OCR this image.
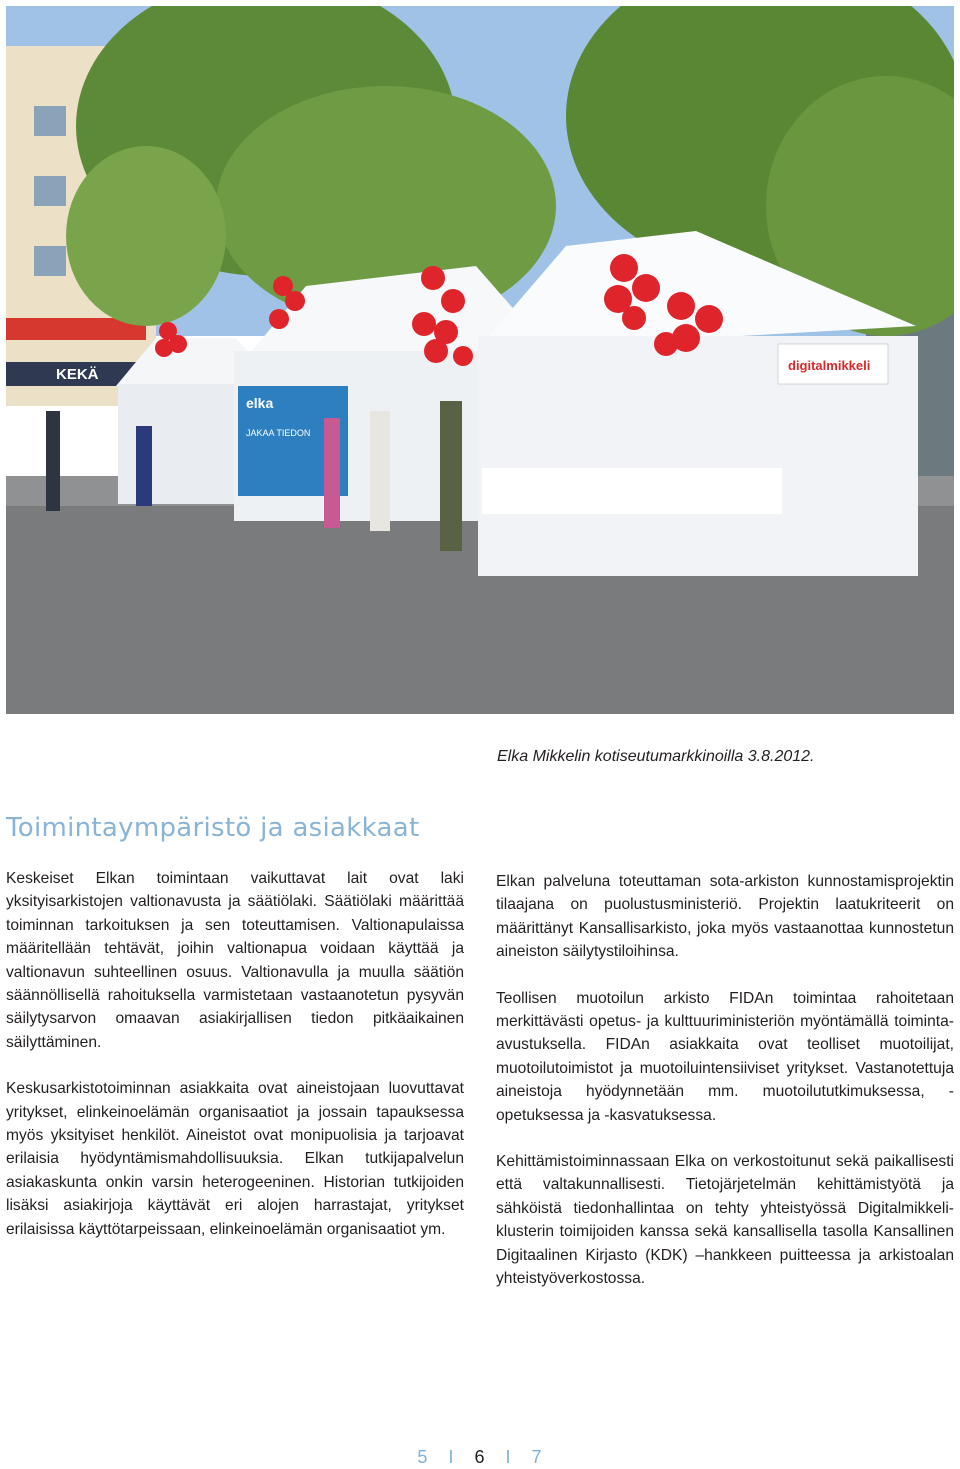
KEKÄ
elka
JAKAA TIEDON
digitalmikkeli
Elka Mikkelin kotiseutumarkkinoilla 3.8.2012.
Toimintaympäristö ja asiakkaat

Keskeiset Elkan toimintaan vaikuttavat lait ovat laki yksityisarkistojen valtionavusta ja säätiölaki. Säätiölaki määrittää toiminnan tarkoituksen ja sen toteuttamisen. Valtionapulaissa määritellään tehtävät, joihin valtionapua voidaan käyttää ja valtionavun suhteellinen osuus. Valtionavulla ja muulla säätiön säännöllisellä rahoituksella varmistetaan vastaanotetun pysyvän säilytysarvon omaavan asiakirjallisen tiedon pitkäaikainen säilyttäminen.

Keskusarkistotoiminnan asiakkaita ovat aineistojaan luovuttavat yritykset, elinkeinoelämän organisaatiot ja jossain tapauksessa myös yksityiset henkilöt. Aineistot ovat monipuolisia ja tarjoavat erilaisia hyödyntämismahdollisuuksia. Elkan tutkijapalvelun asiakaskunta onkin varsin heterogeeninen. Historian tutkijoiden lisäksi asiakirjoja käyttävät eri alojen harrastajat, yritykset erilaisissa käyttötarpeissaan, elinkeinoelämän organisaatiot ym.

Elkan palveluna toteuttaman sota-arkiston kunnostamisprojektin tilaajana on puolustusministeriö. Projektin laatukriteerit on määrittänyt Kansallisarkisto, joka myös vastaanottaa kunnostetun aineiston säilytystiloihinsa.

Teollisen muotoilun arkisto FIDAn toimintaa rahoitetaan merkittävästi opetus- ja kulttuuriministeriön myöntämällä toiminta-avustuksella. FIDAn asiakkaita ovat teolliset muotoilijat, muotoilutoimistot ja muotoiluintensiiviset yritykset. Vastanotettuja aineistoja hyödynnetään mm. muotoilututkimuksessa, -opetuksessa ja -kasvatuksessa.

Kehittämistoiminnassaan Elka on verkostoitunut sekä paikallisesti että valtakunnallisesti. Tietojärjetelmän kehittämistyötä ja sähköistä tiedonhallintaa on tehty yhteistyössä Digitalmikkeli-klusterin toimijoiden kanssa sekä kansallisella tasolla Kansallinen Digitaalinen Kirjasto (KDK) –hankkeen puitteessa ja arkistoalan yhteistyöverkostossa.

5 I 6 I 7
